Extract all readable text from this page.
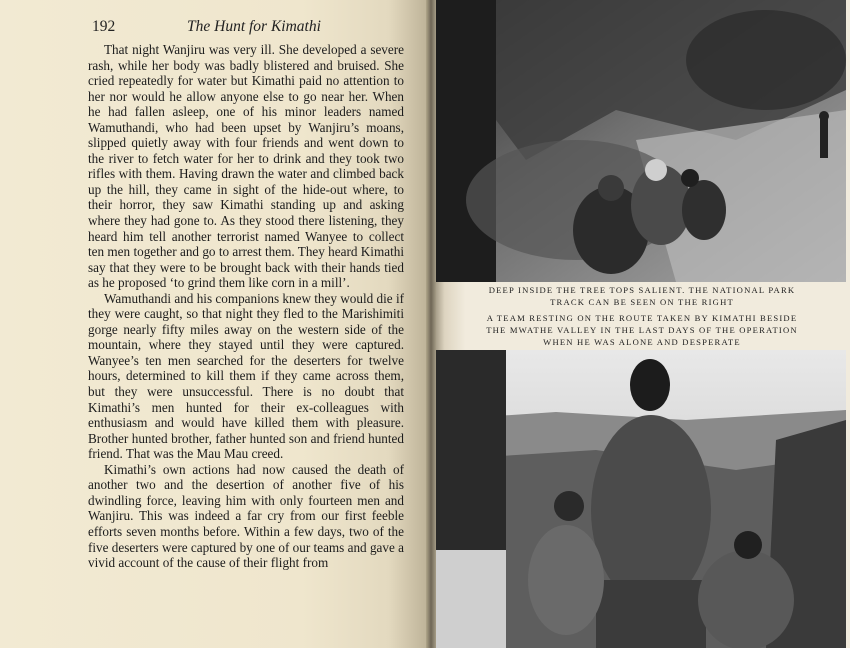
192	The Hunt for Kimathi

That night Wanjiru was very ill. She developed a severe rash, while her body was badly blistered and bruised. She cried repeatedly for water but Kimathi paid no attention to her nor would he allow anyone else to go near her. When he had fallen asleep, one of his minor leaders named Wamuthandi, who had been upset by Wanjiru’s moans, slipped quietly away with four friends and went down to the river to fetch water for her to drink and they took two rifles with them. Having drawn the water and climbed back up the hill, they came in sight of the hide-out where, to their horror, they saw Kimathi standing up and asking where they had gone to. As they stood there listening, they heard him tell another terrorist named Wanyee to collect ten men together and go to arrest them. They heard Kimathi say that they were to be brought back with their hands tied as he proposed ‘to grind them like corn in a mill’.

Wamuthandi and his companions knew they would die if they were caught, so that night they fled to the Marishimiti gorge nearly fifty miles away on the western side of the mountain, where they stayed until they were captured. Wanyee’s ten men searched for the deserters for twelve hours, determined to kill them if they came across them, but they were unsuccessful. There is no doubt that Kimathi’s men hunted for their ex-colleagues with enthusiasm and would have killed them with pleasure. Brother hunted brother, father hunted son and friend hunted friend. That was the Mau Mau creed.

Kimathi’s own actions had now caused the death of another two and the desertion of another five of his dwindling force, leaving him with only fourteen men and Wanjiru. This was indeed a far cry from our first feeble efforts seven months before. Within a few days, two of the five deserters were captured by one of our teams and gave a vivid account of the cause of their flight from

DEEP INSIDE THE TREE TOPS SALIENT. THE NATIONAL PARK
TRACK CAN BE SEEN ON THE RIGHT
A TEAM RESTING ON THE ROUTE TAKEN BY KIMATHI BESIDE
THE MWATHE VALLEY IN THE LAST DAYS OF THE OPERATION
WHEN HE WAS ALONE AND DESPERATE
